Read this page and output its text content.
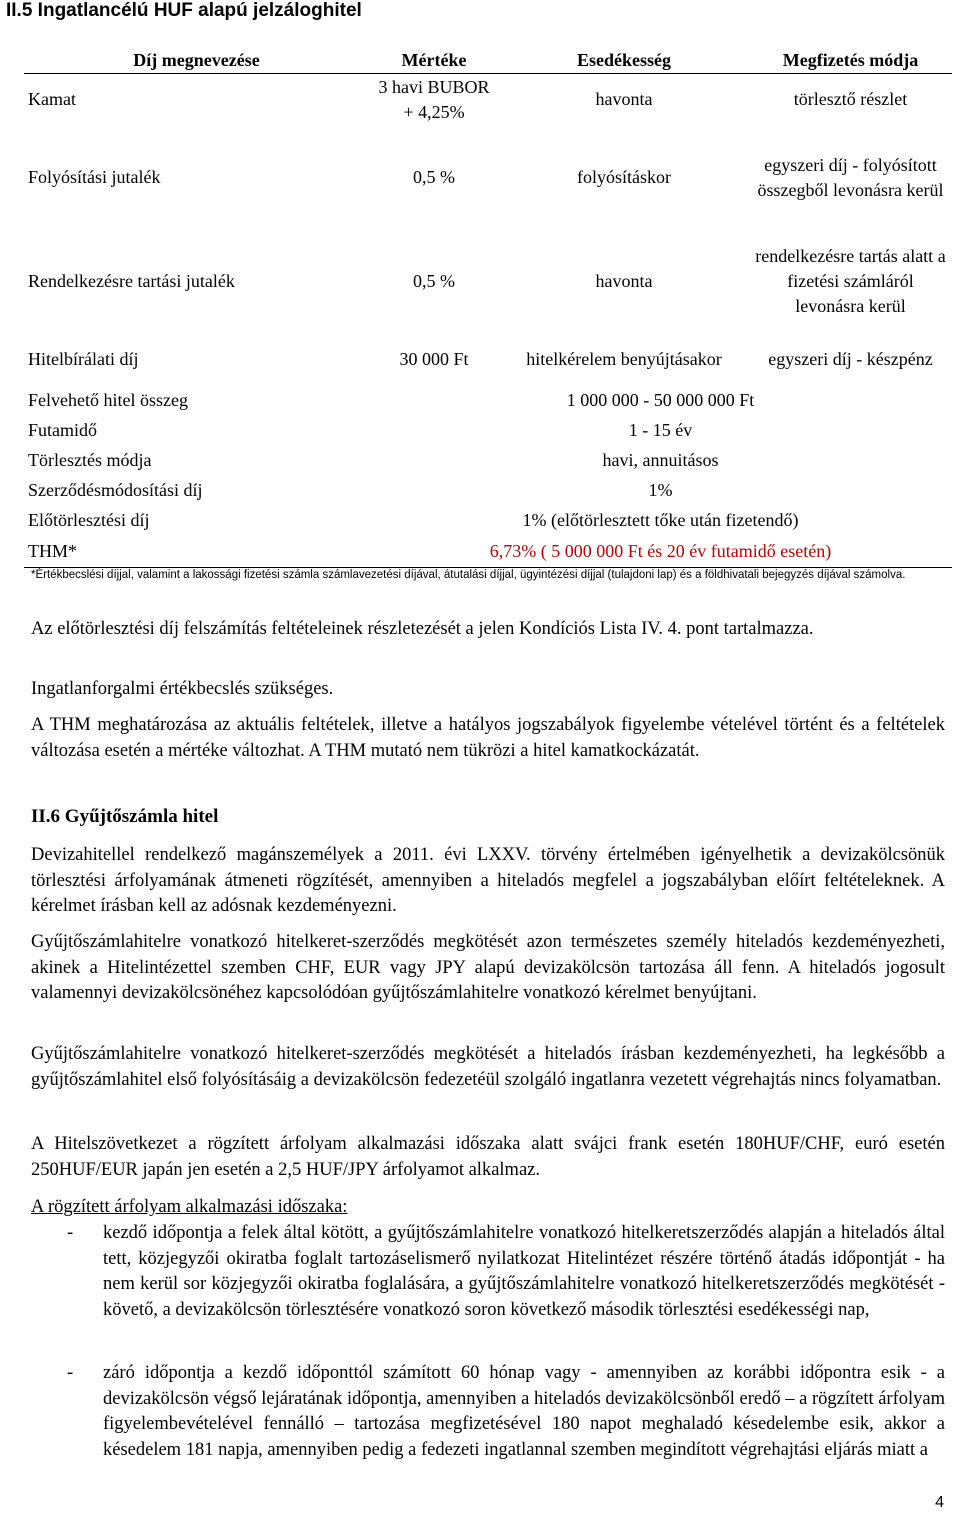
II.5 Ingatlancélú HUF alapú jelzáloghitel
Díj megnevezése	Mértéke	Esedékesség	Megfizetés módja
Kamat	3 havi BUBOR + 4,25%	havonta	törlesztő részlet
Folyósítási jutalék	0,5 %	folyósításkor	egyszeri díj - folyósított összegből levonásra kerül
Rendelkezésre tartási jutalék	0,5 %	havonta	rendelkezésre tartás alatt a fizetési számláról levonásra kerül
Hitelbírálati díj	30 000 Ft	hitelkérelem benyújtásakor	egyszeri díj - készpénz
Felvehető hitel összeg	1 000 000 - 50 000 000 Ft		
Futamidő	1 - 15 év		
Törlesztés módja	havi, annuitásos		
Szerződésmódosítási díj	1%		
Előtörlesztési díj	1% (előtörlesztett tőke után fizetendő)		
THM*	6,73% ( 5 000 000 Ft és 20 év futamidő esetén)		
*Értékbecslési díjjal, valamint a lakossági fizetési számla számlavezetési díjával, átutalási díjjal, ügyintézési díjjal (tulajdoni lap) és a földhivatali bejegyzés díjával számolva.

Az előtörlesztési díj felszámítás feltételeinek részletezését a jelen Kondíciós Lista IV. 4. pont tartalmazza.

Ingatlanforgalmi értékbecslés szükséges.

A THM meghatározása az aktuális feltételek, illetve a hatályos jogszabályok figyelembe vételével történt és a feltételek változása esetén a mértéke változhat. A THM mutató nem tükrözi a hitel kamatkockázatát.

II.6 Gyűjtőszámla hitel

Devizahitellel rendelkező magánszemélyek a 2011. évi LXXV. törvény értelmében igényelhetik a devizakölcsönük törlesztési árfolyamának átmeneti rögzítését, amennyiben a hiteladós megfelel a jogszabályban előírt feltételeknek. A kérelmet írásban kell az adósnak kezdeményezni.

Gyűjtőszámlahitelre vonatkozó hitelkeret-szerződés megkötését azon természetes személy hiteladós kezdeményezheti, akinek a Hitelintézettel szemben CHF, EUR vagy JPY alapú devizakölcsön tartozása áll fenn. A hiteladós jogosult valamennyi devizakölcsönéhez kapcsolódóan gyűjtőszámlahitelre vonatkozó kérelmet benyújtani.

Gyűjtőszámlahitelre vonatkozó hitelkeret-szerződés megkötését a hiteladós írásban kezdeményezheti, ha legkésőbb a gyűjtőszámlahitel első folyósításáig a devizakölcsön fedezetéül szolgáló ingatlanra vezetett végrehajtás nincs folyamatban.

A Hitelszövetkezet a rögzített árfolyam alkalmazási időszaka alatt svájci frank esetén 180HUF/CHF, euró esetén 250HUF/EUR japán jen esetén a 2,5 HUF/JPY árfolyamot alkalmaz.

A rögzített árfolyam alkalmazási időszaka:

- kezdő időpontja a felek által kötött, a gyűjtőszámlahitelre vonatkozó hitelkeretszerződés alapján a hiteladós által tett, közjegyzői okiratba foglalt tartozáselismerő nyilatkozat Hitelintézet részére történő átadás időpontját - ha nem kerül sor közjegyzői okiratba foglalására, a gyűjtőszámlahitelre vonatkozó hitelkeretszerződés megkötését - követő, a devizakölcsön törlesztésére vonatkozó soron következő második törlesztési esedékességi nap,
- záró időpontja a kezdő időponttól számított 60 hónap vagy - amennyiben az korábbi időpontra esik - a devizakölcsön végső lejáratának időpontja, amennyiben a hiteladós devizakölcsönből eredő – a rögzített árfolyam figyelembevételével fennálló – tartozása megfizetésével 180 napot meghaladó késedelembe esik, akkor a késedelem 181 napja, amennyiben pedig a fedezeti ingatlannal szemben megindított végrehajtási eljárás miatt a
4
